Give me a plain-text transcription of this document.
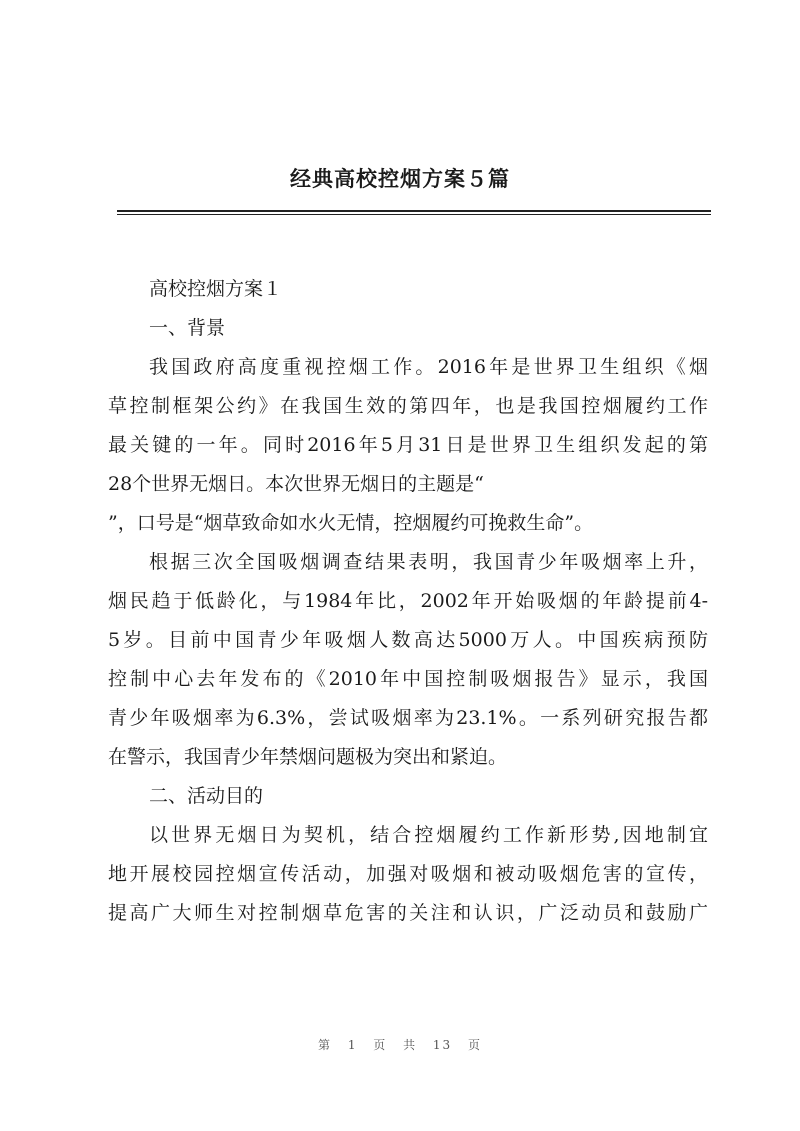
经典高校控烟方案５篇
高校控烟方案１
一、背景
我国政府高度重视控烟工作。2016年是世界卫生组织《烟
草控制框架公约》在我国生效的第四年，也是我国控烟履约工作
最关键的一年。同时2016年5月31日是世界卫生组织发起的第
28个世界无烟日。本次世界无烟日的主题是“
”，口号是“烟草致命如水火无情，控烟履约可挽救生命”。
根据三次全国吸烟调查结果表明，我国青少年吸烟率上升，
烟民趋于低龄化，与1984年比，2002年开始吸烟的年龄提前4-
5岁。目前中国青少年吸烟人数高达5000万人。中国疾病预防
控制中心去年发布的《2010年中国控制吸烟报告》显示，我国
青少年吸烟率为6.3%，尝试吸烟率为23.1%。一系列研究报告都
在警示，我国青少年禁烟问题极为突出和紧迫。
二、活动目的
以世界无烟日为契机，结合控烟履约工作新形势,因地制宜
地开展校园控烟宣传活动，加强对吸烟和被动吸烟危害的宣传，
提高广大师生对控制烟草危害的关注和认识，广泛动员和鼓励广
第 1 页 共 13 页
